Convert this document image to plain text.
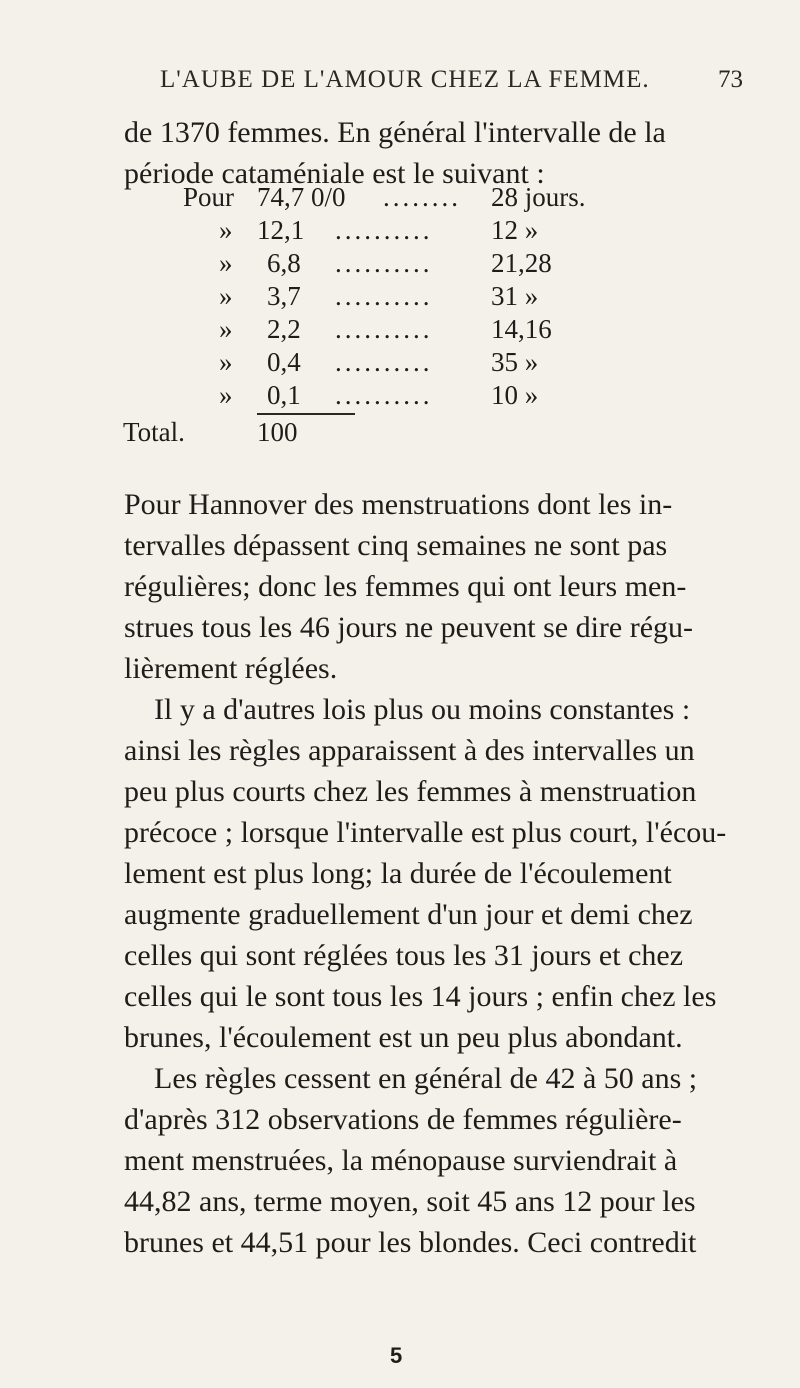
L'AUBE DE L'AMOUR CHEZ LA FEMME.	73
de 1370 femmes. En général l'intervalle de la
période cataméniale est le suivant :
Pour 74,7 0/0 ........ 28 jours.
» 12,1 .......... 12 »
» 6,8 .......... 21,28
» 3,7 .......... 31 »
» 2,2 .......... 14,16
» 0,4 .......... 35 »
» 0,1 .......... 10 »
Total.	100
Pour Hannover des menstruations dont les in-
tervalles dépassent cinq semaines ne sont pas
régulières; donc les femmes qui ont leurs men-
strues tous les 46 jours ne peuvent se dire régu-
lièrement réglées.
Il y a d'autres lois plus ou moins constantes :
ainsi les règles apparaissent à des intervalles un
peu plus courts chez les femmes à menstruation
précoce ; lorsque l'intervalle est plus court, l'écou-
lement est plus long; la durée de l'écoulement
augmente graduellement d'un jour et demi chez
celles qui sont réglées tous les 31 jours et chez
celles qui le sont tous les 14 jours ; enfin chez les
brunes, l'écoulement est un peu plus abondant.
Les règles cessent en général de 42 à 50 ans ;
d'après 312 observations de femmes régulière-
ment menstruées, la ménopause surviendrait à
44,82 ans, terme moyen, soit 45 ans 12 pour les
brunes et 44,51 pour les blondes. Ceci contredit
5
